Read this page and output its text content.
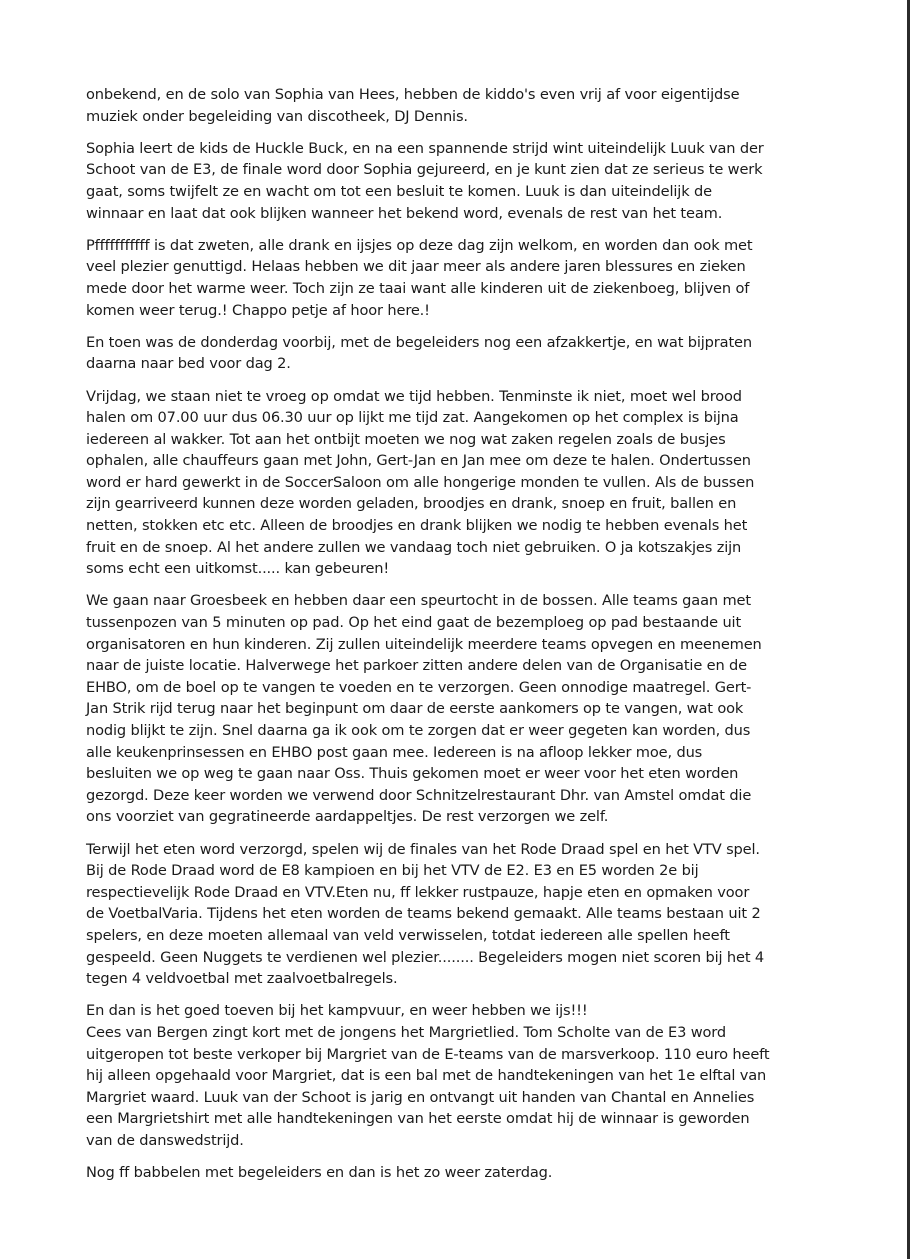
onbekend, en de solo van Sophia van Hees, hebben de kiddo's even vrij af voor eigentijdse
muziek onder begeleiding van discotheek, DJ Dennis.

Sophia leert de kids de Huckle Buck, en na een spannende strijd wint uiteindelijk Luuk van der
Schoot van de E3, de finale word door Sophia gejureerd, en je kunt zien dat ze serieus te werk
gaat, soms twijfelt ze en wacht om tot een besluit te komen. Luuk is dan uiteindelijk de
winnaar en laat dat ook blijken wanneer het bekend word, evenals de rest van het team.

Pfffffffffff is dat zweten, alle drank en ijsjes op deze dag zijn welkom, en worden dan ook met
veel plezier genuttigd. Helaas hebben we dit jaar meer als andere jaren blessures en zieken
mede door het warme weer. Toch zijn ze taai want alle kinderen uit de ziekenboeg, blijven of
komen weer terug.! Chappo petje af hoor here.!

En toen was de donderdag voorbij, met de begeleiders nog een afzakkertje, en wat bijpraten
daarna naar bed voor dag 2.

Vrijdag, we staan niet te vroeg op omdat we tijd hebben. Tenminste ik niet, moet wel brood
halen om 07.00 uur dus 06.30 uur op lijkt me tijd zat. Aangekomen op het complex is bijna
iedereen al wakker. Tot aan het ontbijt moeten we nog wat zaken regelen zoals de busjes
ophalen, alle chauffeurs gaan met John, Gert-Jan en Jan mee om deze te halen. Ondertussen
word er hard gewerkt in de SoccerSaloon om alle hongerige monden te vullen. Als de bussen
zijn gearriveerd kunnen deze worden geladen, broodjes en drank, snoep en fruit, ballen en
netten, stokken etc etc. Alleen de broodjes en drank blijken we nodig te hebben evenals het
fruit en de snoep. Al het andere zullen we vandaag toch niet gebruiken. O ja kotszakjes zijn
soms echt een uitkomst..... kan gebeuren!

We gaan naar Groesbeek en hebben daar een speurtocht in de bossen. Alle teams gaan met
tussenpozen van 5 minuten op pad. Op het eind gaat de bezemploeg op pad bestaande uit
organisatoren en hun kinderen. Zij zullen uiteindelijk meerdere teams opvegen en meenemen
naar de juiste locatie. Halverwege het parkoer zitten andere delen van de Organisatie en de
EHBO, om de boel op te vangen te voeden en te verzorgen. Geen onnodige maatregel. Gert-
Jan Strik rijd terug naar het beginpunt om daar de eerste aankomers op te vangen, wat ook
nodig blijkt te zijn. Snel daarna ga ik ook om te zorgen dat er weer gegeten kan worden, dus
alle keukenprinsessen en EHBO post gaan mee. Iedereen is na afloop lekker moe, dus
besluiten we op weg te gaan naar Oss. Thuis gekomen moet er weer voor het eten worden
gezorgd. Deze keer worden we verwend door Schnitzelrestaurant Dhr. van Amstel omdat die
ons voorziet van gegratineerde aardappeltjes. De rest verzorgen we zelf.

Terwijl het eten word verzorgd, spelen wij de finales van het Rode Draad spel en het VTV spel.
Bij de Rode Draad word de E8 kampioen en bij het VTV de E2. E3 en E5 worden 2e bij
respectievelijk Rode Draad en VTV.Eten nu, ff lekker rustpauze, hapje eten en opmaken voor
de VoetbalVaria. Tijdens het eten worden de teams bekend gemaakt. Alle teams bestaan uit 2
spelers, en deze moeten allemaal van veld verwisselen, totdat iedereen alle spellen heeft
gespeeld. Geen Nuggets te verdienen wel plezier........ Begeleiders mogen niet scoren bij het 4
tegen 4 veldvoetbal met zaalvoetbalregels.

En dan is het goed toeven bij het kampvuur, en weer hebben we ijs!!!
Cees van Bergen zingt kort met de jongens het Margrietlied. Tom Scholte van de E3 word
uitgeropen tot beste verkoper bij Margriet van de E-teams van de marsverkoop. 110 euro heeft
hij alleen opgehaald voor Margriet, dat is een bal met de handtekeningen van het 1e elftal van
Margriet waard. Luuk van der Schoot is jarig en ontvangt uit handen van Chantal en Annelies
een Margrietshirt met alle handtekeningen van het eerste omdat hij de winnaar is geworden
van de danswedstrijd.

Nog ff babbelen met begeleiders en dan is het zo weer zaterdag.
